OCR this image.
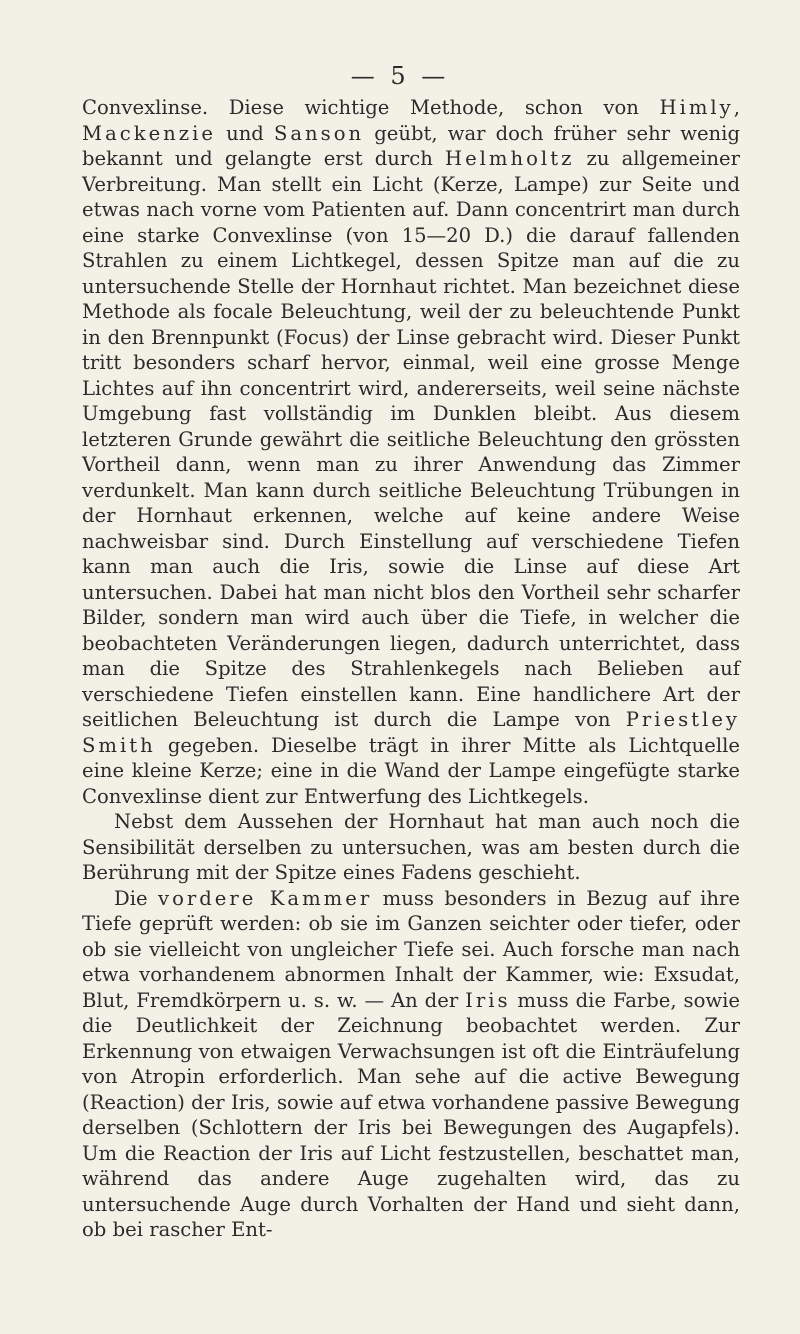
— 5 —

Convexlinse. Diese wichtige Methode, schon von Himly, Mackenzie und Sanson geübt, war doch früher sehr wenig bekannt und gelangte erst durch Helmholtz zu allgemeiner Verbreitung. Man stellt ein Licht (Kerze, Lampe) zur Seite und etwas nach vorne vom Patienten auf. Dann concentrirt man durch eine starke Convexlinse (von 15—20 D.) die darauf fallenden Strahlen zu einem Lichtkegel, dessen Spitze man auf die zu untersuchende Stelle der Hornhaut richtet. Man bezeichnet diese Methode als focale Beleuchtung, weil der zu beleuchtende Punkt in den Brennpunkt (Focus) der Linse gebracht wird. Dieser Punkt tritt besonders scharf hervor, einmal, weil eine grosse Menge Lichtes auf ihn concentrirt wird, andererseits, weil seine nächste Umgebung fast vollständig im Dunklen bleibt. Aus diesem letzteren Grunde gewährt die seitliche Beleuchtung den grössten Vortheil dann, wenn man zu ihrer Anwendung das Zimmer verdunkelt. Man kann durch seitliche Beleuchtung Trübungen in der Hornhaut erkennen, welche auf keine andere Weise nachweisbar sind. Durch Einstellung auf verschiedene Tiefen kann man auch die Iris, sowie die Linse auf diese Art untersuchen. Dabei hat man nicht blos den Vortheil sehr scharfer Bilder, sondern man wird auch über die Tiefe, in welcher die beobachteten Veränderungen liegen, dadurch unterrichtet, dass man die Spitze des Strahlenkegels nach Belieben auf verschiedene Tiefen einstellen kann. Eine handlichere Art der seitlichen Beleuchtung ist durch die Lampe von Priestley Smith gegeben. Dieselbe trägt in ihrer Mitte als Lichtquelle eine kleine Kerze; eine in die Wand der Lampe eingefügte starke Convexlinse dient zur Entwerfung des Lichtkegels.

Nebst dem Aussehen der Hornhaut hat man auch noch die Sensibilität derselben zu untersuchen, was am besten durch die Berührung mit der Spitze eines Fadens geschieht.

Die vordere Kammer muss besonders in Bezug auf ihre Tiefe geprüft werden: ob sie im Ganzen seichter oder tiefer, oder ob sie vielleicht von ungleicher Tiefe sei. Auch forsche man nach etwa vorhandenem abnormen Inhalt der Kammer, wie: Exsudat, Blut, Fremdkörpern u. s. w. — An der Iris muss die Farbe, sowie die Deutlichkeit der Zeichnung beobachtet werden. Zur Erkennung von etwaigen Verwachsungen ist oft die Einträufelung von Atropin erforderlich. Man sehe auf die active Bewegung (Reaction) der Iris, sowie auf etwa vorhandene passive Bewegung derselben (Schlottern der Iris bei Bewegungen des Augapfels). Um die Reaction der Iris auf Licht festzustellen, beschattet man, während das andere Auge zugehalten wird, das zu untersuchende Auge durch Vorhalten der Hand und sieht dann, ob bei rascher Ent-
